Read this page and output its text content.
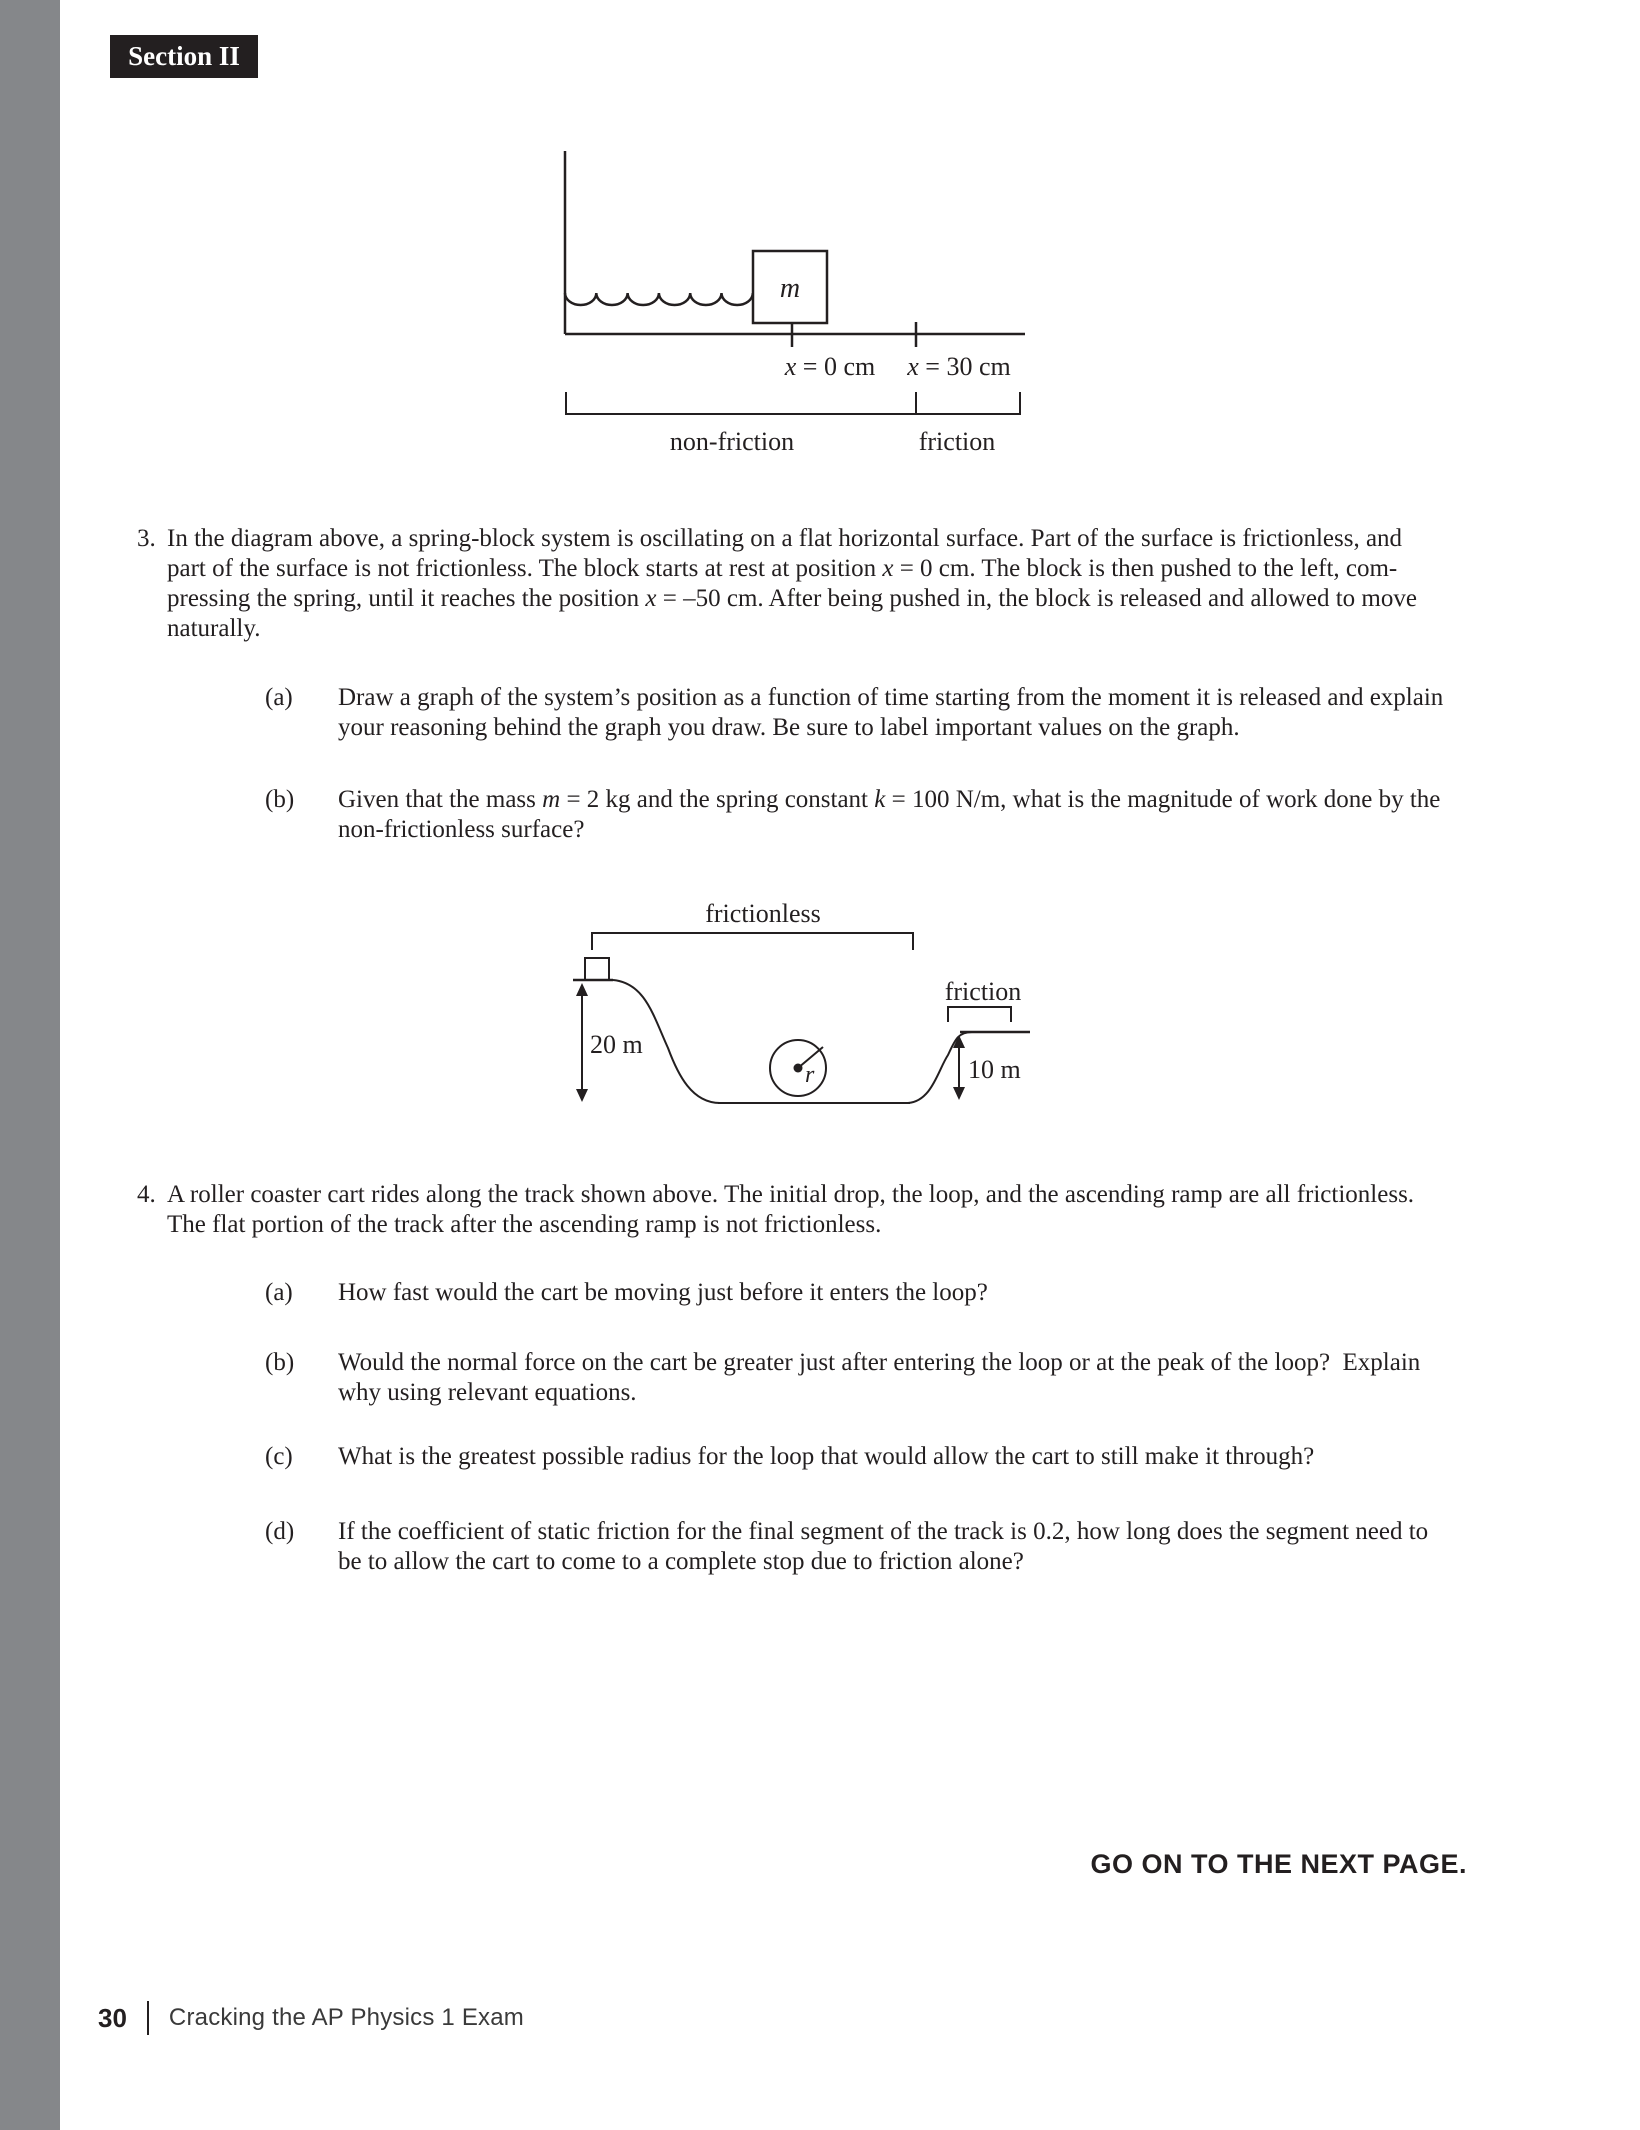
Section II
m
x = 0 cm x = 30 cm
non-friction	friction
3. In the diagram above, a spring-block system is oscillating on a flat horizontal surface. Part of the surface is frictionless, and
part of the surface is not frictionless. The block starts at rest at position x = 0 cm. The block is then pushed to the left, com-
pressing the spring, until it reaches the position x = –50 cm. After being pushed in, the block is released and allowed to move
naturally.
(a) Draw a graph of the system’s position as a function of time starting from the moment it is released and explain
your reasoning behind the graph you draw. Be sure to label important values on the graph.
(b) Given that the mass m = 2 kg and the spring constant k = 100 N/m, what is the magnitude of work done by the
non-frictionless surface?
frictionless
r
friction
20 m
10 m
4. A roller coaster cart rides along the track shown above. The initial drop, the loop, and the ascending ramp are all frictionless.
The flat portion of the track after the ascending ramp is not frictionless.
(a) How fast would the cart be moving just before it enters the loop?
(b) Would the normal force on the cart be greater just after entering the loop or at the peak of the loop?  Explain
why using relevant equations.
(c) What is the greatest possible radius for the loop that would allow the cart to still make it through?
(d) If the coefficient of static friction for the final segment of the track is 0.2, how long does the segment need to
be to allow the cart to come to a complete stop due to friction alone?
GO ON TO THE NEXT PAGE.
30 Cracking the AP Physics 1 Exam
